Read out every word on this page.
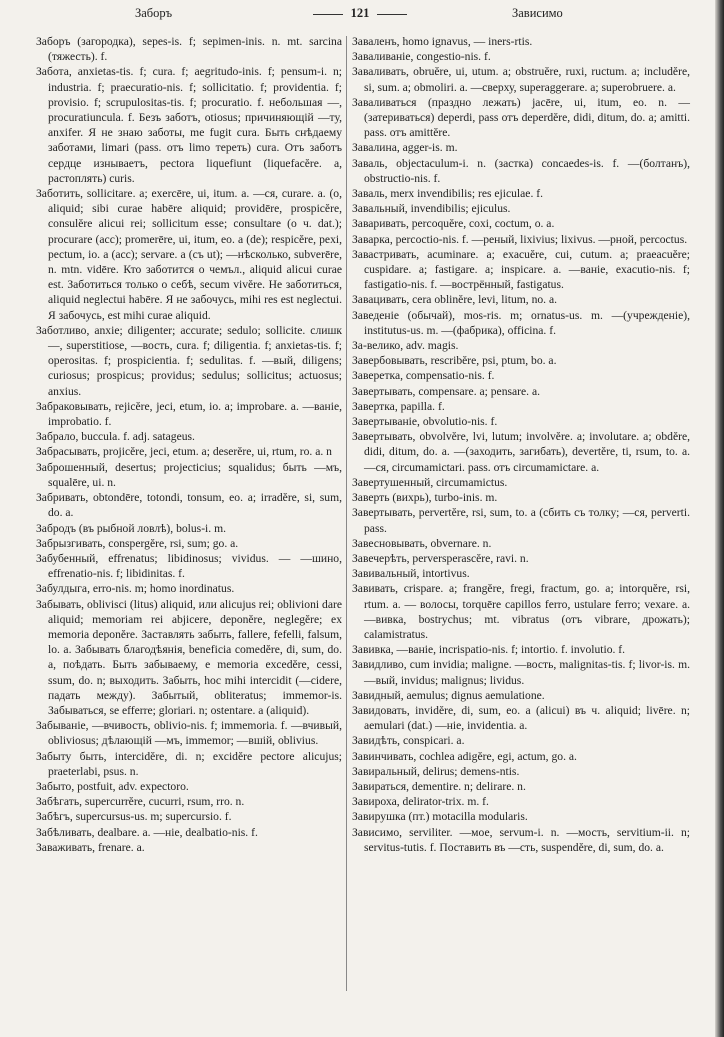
Заборъ	121	Зависимо

Заборъ (загородка), sepes-is. f; sepimen-inis. n. mt. sarcina (тяжесть). f.

Забота, anxietas-tis. f; cura. f; aegritudo-inis. f; pensum-i. n; industria. f; praecuratio-nis. f; sollicitatio. f; providentia. f; provisio. f; scrupulositas-tis. f; procuratio. f. небольшая —, procuratiuncula. f. Безъ заботъ, otiosus; причиняющій —ту, anxifer. Я не знаю заботы, me fugit cura. Быть снѣдаему заботами, limari (pass. отъ limo тереть) cura. Отъ заботъ сердце изнываетъ, pectora liquefiunt (liquefacĕre. a, растоплять) curis.

Заботить, sollicitare. a; exercēre, ui, itum. a. —ся, curare. a. (о, aliquid; sibi curae habēre aliquid; providēre, prospicĕre, consulĕre alicui rei; sollicitum esse; consultare (о ч. dat.); procurare (acc); promerēre, ui, itum, eo. a (de); respicĕre, pexi, pectum, io. a (acc); servare. a (съ ut); —нѣсколько, subverēre, n. mtn. vidēre. Кто заботится о чемъл., aliquid alicui curae est. Заботиться только о себѣ, secum vivĕre. Не заботиться, aliquid neglectui habēre. Я не забочусь, mihi res est neglectui. Я забочусь, est mihi curae aliquid.

Заботливо, anxie; diligenter; accurate; sedulo; sollicite. слишк—, superstitiose, —вость, cura. f; diligentia. f; anxietas-tis. f; operositas. f; prospicientia. f; sedulitas. f. —вый, diligens; curiosus; prospicus; providus; sedulus; sollicitus; actuosus; anxius.

Забраковывать, rejicĕre, jeci, etum, io. a; improbare. a. —ваніе, improbatio. f.

Забрало, buccula. f. adj. satageus.

Забрасывать, projicĕre, jeci, etum. a; deserĕre, ui, rtum, ro. a. n

Заброшенный, desertus; projecticius; squalidus; быть —мъ, squalēre, ui. n.

Забривать, obtondēre, totondi, tonsum, eo. a; irradĕre, si, sum, do. a.

Забродъ (въ рыбной ловлѣ), bolus-i. m.

Забрызгивать, conspergĕre, rsi, sum; go. a.

Забубенный, effrenatus; libidinosus; vividus. — —шино, effrenatio-nis. f; libidinitas. f.

Забулдыга, erro-nis. m; homo inordinatus.

Забывать, oblivisci (litus) aliquid, или alicujus rei; oblivioni dare aliquid; memoriam rei abjicere, deponĕre, neglegĕre; ex memoria deponĕre. Заставлять забыть, fallere, fefelli, falsum, lo. a. Забывать благодѣянія, beneficia comedĕre, di, sum, do. a, поѣдать. Быть забываему, e memoria excedĕre, cessi, ssum, do. n; выходить. Забыть, hoc mihi intercidit (—cidere, падать между). Забытый, obliteratus; immemor-is. Забываться, se efferre; gloriari. n; ostentare. a (aliquid).

Забываніе, —вчивость, oblivio-nis. f; immemoria. f. —вчивый, obliviosus; дѣлающій —мъ, immemor; —вшій, oblivius.

Забыту быть, intercidĕre, di. n; excidĕre pectore alicujus; praeterlabi, psus. n.

Забыто, postfuit, adv. expectoro.

Забѣгать, supercurrĕre, cucurri, rsum, rro. n.

Забѣгъ, supercursus-us. m; supercursio. f.

Забѣливать, dealbare. a. —ніе, dealbatio-nis. f.

Заваживать, frenare. a.

Заваленъ, homo ignavus, — iners-rtis.

Заваливаніе, congestio-nis. f.

Заваливать, obruĕre, ui, utum. a; obstruĕre, ruxi, ructum. a; includĕre, si, sum. a; obmoliri. a. —сверху, superaggerare. a; superobruere. a.

Заваливаться (праздно лежать) jacēre, ui, itum, eo. n. —(затериваться) deperdi, pass отъ deperdĕre, didi, ditum, do. a; amitti. pass. отъ amittĕre.

Завалина, agger-is. m.

Заваль, objectaculum-i. n. (застка) concaedes-is. f. —(болтанъ), obstructio-nis. f.

Заваль, merx invendibilis; res ejiculae. f.

Завальный, invendibilis; ejiculus.

Заваривать, percoquĕre, coxi, coctum, o. a.

Заварка, percoctio-nis. f. —реный, lixivius; lixivus. —рной, percoctus.

Завастривать, acuminare. a; exacuĕre, cui, cutum. a; praeacuĕre; cuspidare. a; fastigare. a; inspicare. a. —ваніе, exacutio-nis. f; fastigatio-nis. f. —вострённый, fastigatus.

Завацивать, cera oblinĕre, levi, litum, no. a.

Заведеніе (обычай), mos-ris. m; ornatus-us. m. —(учрежденіе), institutus-us. m. —(фабрика), officina. f.

За-велико, adv. magis.

Завербовывать, rescribĕre, psi, ptum, bo. a.

Заверетка, compensatio-nis. f.

Завертывать, compensare. a; pensare. a.

Завертка, papilla. f.

Завертываніе, obvolutio-nis. f.

Завертывать, obvolvĕre, lvi, lutum; involvĕre. a; involutare. a; obdĕre, didi, ditum, do. a. —(заходить, загибать), devertĕre, ti, rsum, to. a. —ся, circumamictari. pass. отъ circumamictare. a.

Завертушенный, circumamictus.

Заверть (вихрь), turbo-inis. m.

Завертывать, pervertĕre, rsi, sum, to. a (сбить съ толку; —ся, perverti. pass.

Завесновывать, obvernare. n.

Завечерѣть, perversperascĕre, ravi. n.

Завивальный, intortivus.

Завивать, crispare. a; frangĕre, fregi, fractum, go. a; intorquĕre, rsi, rtum. a. — волосы, torquēre capillos ferro, ustulare ferro; vexare. a. —вивка, bostrychus; mt. vibratus (отъ vibrare, дрожать); calamistratus.

Завивка, —ваніе, incrispatio-nis. f; intortio. f. involutio. f.

Завидливо, cum invidia; maligne. —вость, malignitas-tis. f; livor-is. m. —вый, invidus; malignus; lividus.

Завидный, aemulus; dignus aemulatione.

Завидовать, invidĕre, di, sum, eo. a (alicui) въ ч. aliquid; livēre. n; aemulari (dat.) —ніе, invidentia. a.

Завидѣть, conspicari. a.

Завинчивать, cochlea adigĕre, egi, actum, go. a.

Завиральный, delirus; demens-ntis.

Завираться, dementire. n; delirare. n.

Завироха, delirator-trix. m. f.

Завирушка (пт.) motacilla modularis.

Зависимо, serviliter. —мое, servum-i. n. —мость, servitium-ii. n; servitus-tutis. f. Поставить въ —сть, suspendĕre, di, sum, do. a.
